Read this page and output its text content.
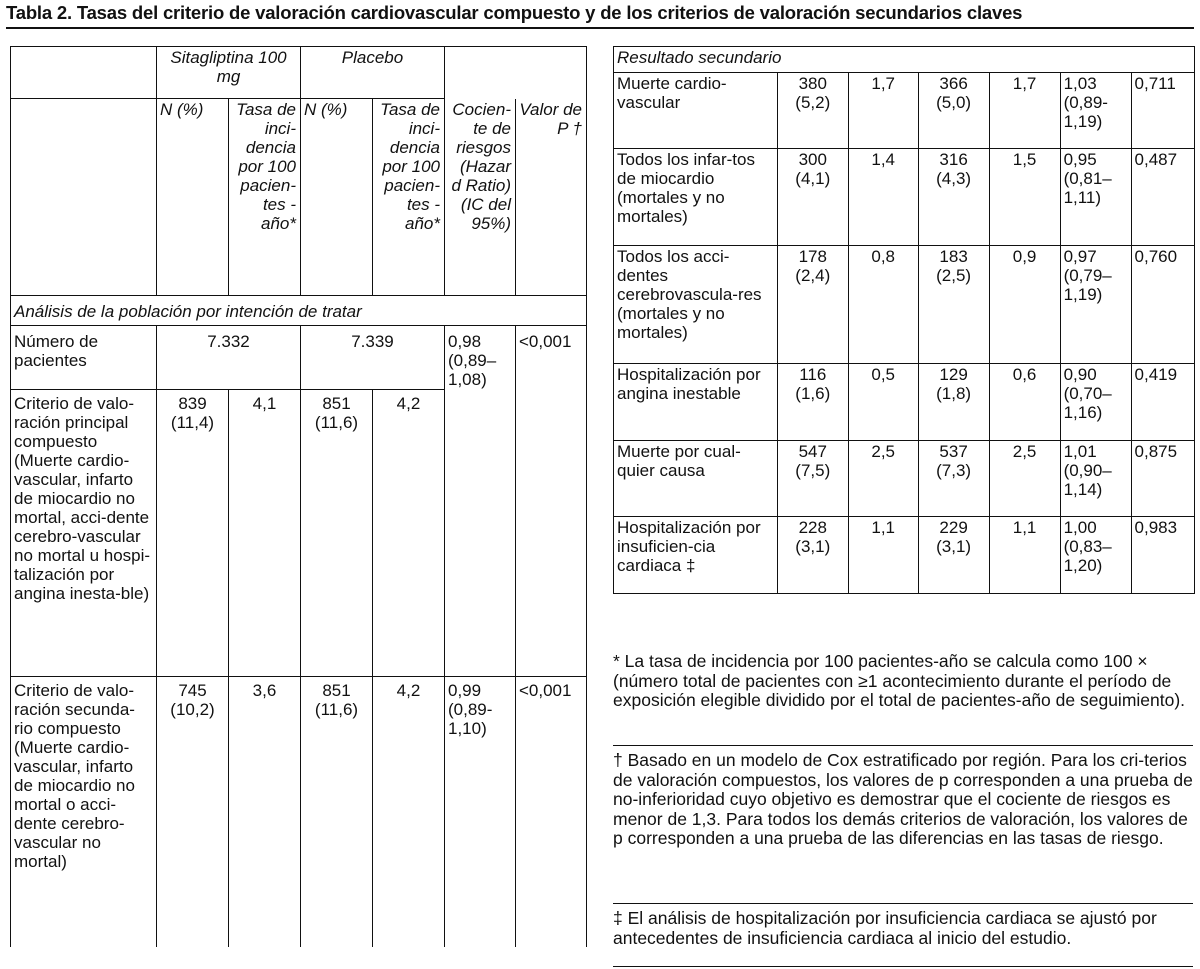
Tabla 2. Tasas del criterio de valoración cardiovascular compuesto y de los criterios de valoración secundarios claves
	Sitagliptina 100 mg		Placebo			
	N (%)	Tasa de inci-dencia por 100 pacien-tes -año*	N (%)	Tasa de inci-dencia por 100 pacien-tes -año*	Cocien-te de riesgos (Hazar d Ratio) (IC del 95%)	Valor de P †
Análisis de la población por intención de tratar						
Número de pacientes	7.332		7.339		0,98 (0,89–1,08)	<0,001
Criterio de valo-ración principal compuesto (Muerte cardio-vascular, infarto de miocardio no mortal, acci-dente cerebro-vascular no mortal u hospi-talización por angina inesta-ble)	839 (11,4)	4,1	851 (11,6)	4,2		
Criterio de valo-ración secunda-rio compuesto (Muerte cardio-vascular, infarto de miocardio no mortal o acci-dente cerebro-vascular no mortal)	745 (10,2)	3,6	851 (11,6)	4,2	0,99 (0,89-1,10)	<0,001
Resultado secundario						
Muerte cardio-vascular	380 (5,2)	1,7	366 (5,0)	1,7	1,03 (0,89-1,19)	0,711
Todos los infar-tos de miocardio (mortales y no mortales)	300 (4,1)	1,4	316 (4,3)	1,5	0,95 (0,81–1,11)	0,487
Todos los acci-dentes cerebrovascula-res (mortales y no mortales)	178 (2,4)	0,8	183 (2,5)	0,9	0,97 (0,79–1,19)	0,760
Hospitalización por angina inestable	116 (1,6)	0,5	129 (1,8)	0,6	0,90 (0,70–1,16)	0,419
Muerte por cual-quier causa	547 (7,5)	2,5	537 (7,3)	2,5	1,01 (0,90–1,14)	0,875
Hospitalización por insuficien-cia cardiaca ‡	228 (3,1)	1,1	229 (3,1)	1,1	1,00 (0,83–1,20)	0,983
* La tasa de incidencia por 100 pacientes-año se calcula como 100 × (número total de pacientes con ≥1 acontecimiento durante el período de exposición elegible dividido por el total de pacientes-año de seguimiento).
† Basado en un modelo de Cox estratificado por región. Para los cri-terios de valoración compuestos, los valores de p corresponden a una prueba de no-inferioridad cuyo objetivo es demostrar que el cociente de riesgos es menor de 1,3. Para todos los demás criterios de valoración, los valores de p corresponden a una prueba de las diferencias en las tasas de riesgo.
‡ El análisis de hospitalización por insuficiencia cardiaca se ajustó por antecedentes de insuficiencia cardiaca al inicio del estudio.
